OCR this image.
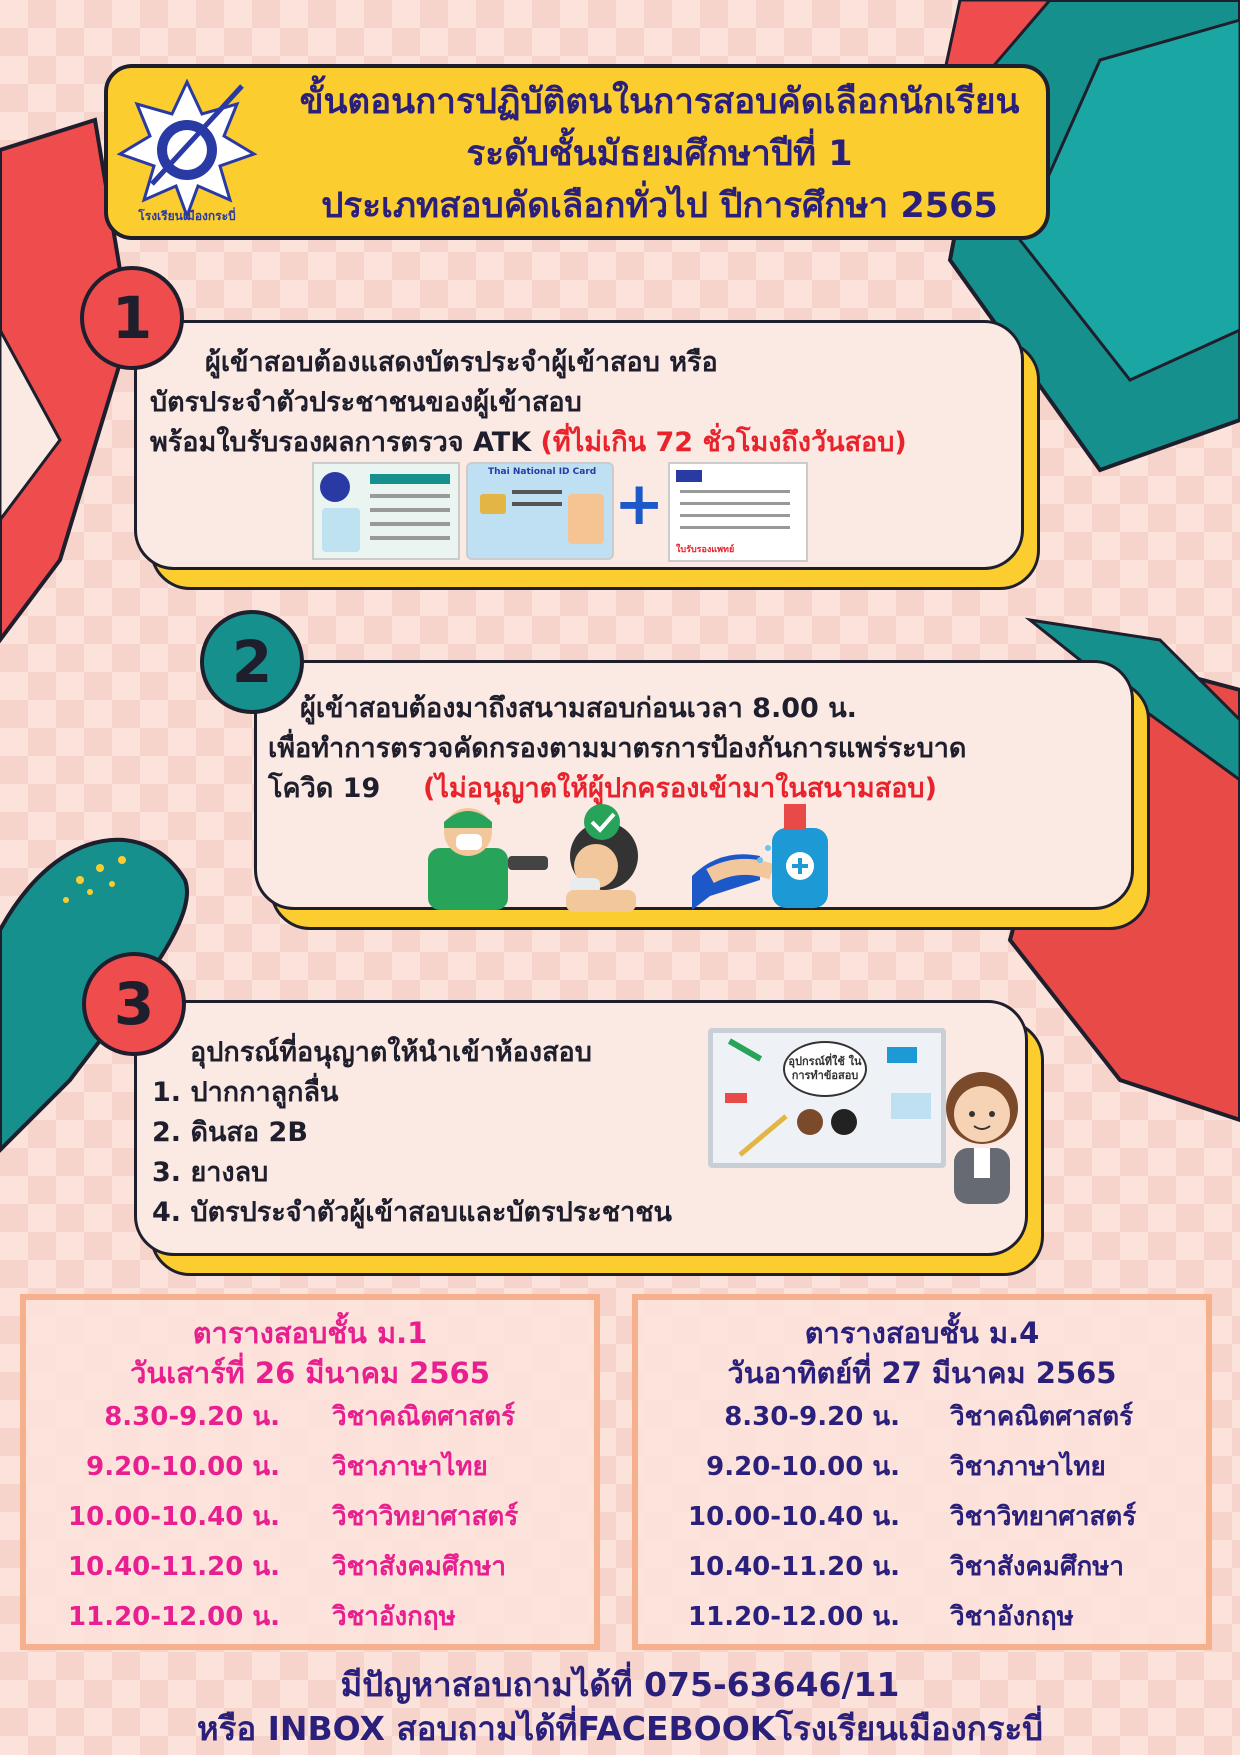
ขั้นตอนการปฏิบัติตนในการสอบคัดเลือกนักเรียน
ระดับชั้นมัธยมศึกษาปีที่ 1
ประเภทสอบคัดเลือกทั่วไป ปีการศึกษา 2565
โรงเรียนเมืองกระบี่
1
ผู้เข้าสอบต้องแสดงบัตรประจำผู้เข้าสอบ หรือ
บัตรประจำตัวประชาชนของผู้เข้าสอบ
พร้อมใบรับรองผลการตรวจ ATK (ที่ไม่เกิน 72 ชั่วโมงถึงวันสอบ)
Thai National ID Card +
ใบรับรองแพทย์
2
ผู้เข้าสอบต้องมาถึงสนามสอบก่อนเวลา 8.00 น.
เพื่อทำการตรวจคัดกรองตามมาตรการป้องกันการแพร่ระบาด
โควิด 19 (ไม่อนุญาตให้ผู้ปกครองเข้ามาในสนามสอบ)
3
อุปกรณ์ที่อนุญาตให้นำเข้าห้องสอบ
1. ปากกาลูกลื่น
2. ดินสอ 2B
3. ยางลบ
4. บัตรประจำตัวผู้เข้าสอบและบัตรประชาชน
อุปกรณ์ที่ใช้ ในการทำข้อสอบ
ตารางสอบชั้น ม.1
วันเสาร์ที่ 26 มีนาคม 2565
ตารางสอบชั้น ม.4
วันอาทิตย์ที่ 27 มีนาคม 2565
8.30-9.20 น. วิชาคณิตศาสตร์
9.20-10.00 น. วิชาภาษาไทย
10.00-10.40 น. วิชาวิทยาศาสตร์
10.40-11.20 น. วิชาสังคมศึกษา
11.20-12.00 น. วิชาอังกฤษ
8.30-9.20 น. วิชาคณิตศาสตร์
9.20-10.00 น. วิชาภาษาไทย
10.00-10.40 น. วิชาวิทยาศาสตร์
10.40-11.20 น. วิชาสังคมศึกษา
11.20-12.00 น. วิชาอังกฤษ
มีปัญหาสอบถามได้ที่ 075-63646/11
หรือ INBOX สอบถามได้ที่FACEBOOKโรงเรียนเมืองกระบี่
